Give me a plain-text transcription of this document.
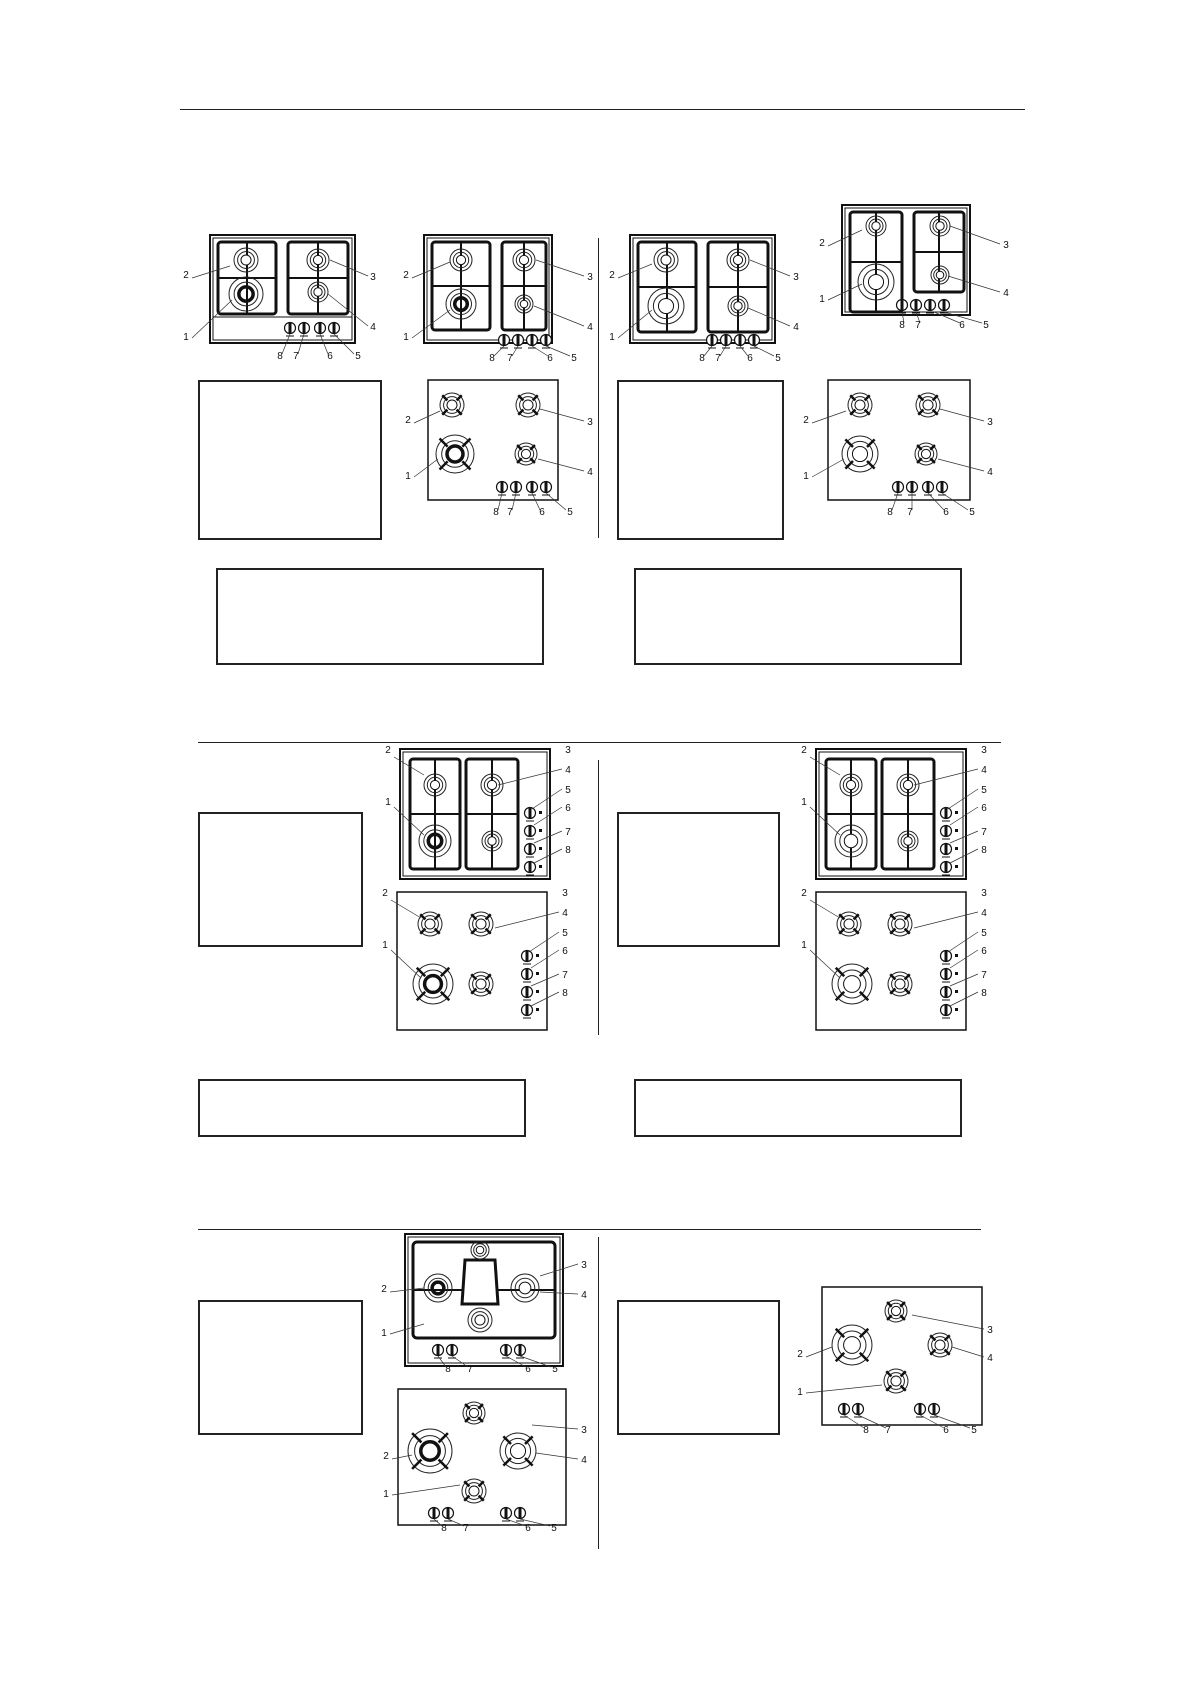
2	3
1
4
8 7	6 5
2	3
1
4
8 7	6 5
2	3
1
4
8 7	6 5
2	3
1
4
8 7	6 5
2	3
1	4
8 7	6 5
2	3
1	4
8 7	6 5
2	3
4
5
6
7
8
1
2	3
4
5
6
7
8
1
2	3
4
5
6
7
8
1
2	3
4
5
6
7
8
1
3
2
4
1
8 7	6 5
3
2	4
1
8 7	6 5
3
4
2
1
8 7	6 5
